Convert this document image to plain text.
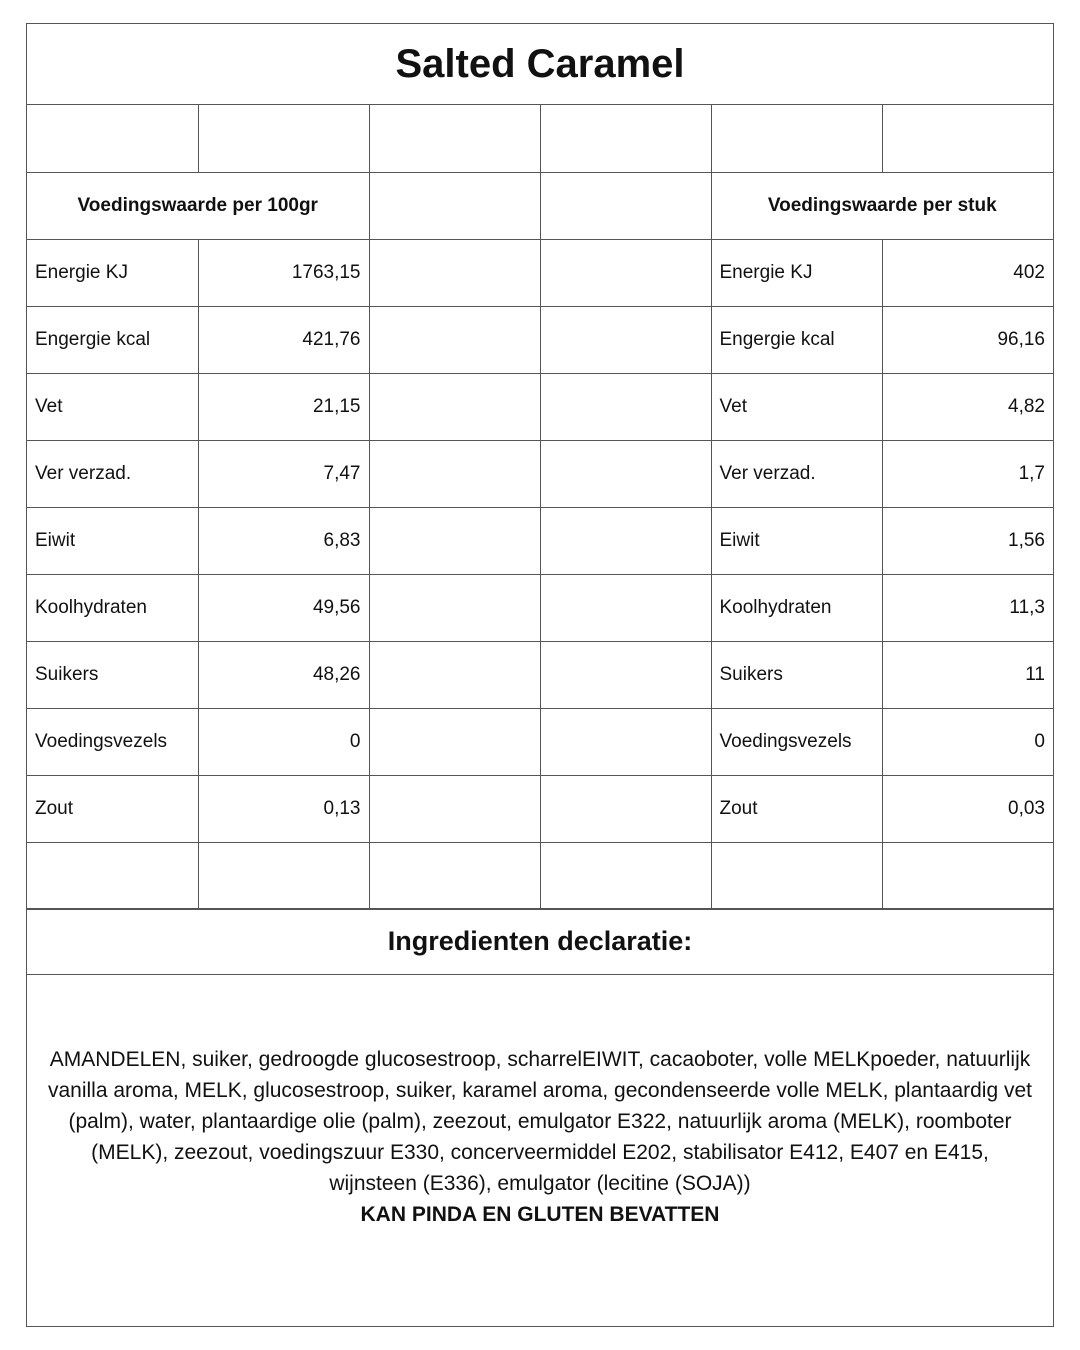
Salted Caramel

Voedingswaarde per 100gr				Voedingswaarde per stuk	
Energie KJ	1763,15			Energie KJ	402
Engergie kcal	421,76			Engergie kcal	96,16
Vet	21,15			Vet	4,82
Ver verzad.	7,47			Ver verzad.	1,7
Eiwit	6,83			Eiwit	1,56
Koolhydraten	49,56			Koolhydraten	11,3
Suikers	48,26			Suikers	11
Voedingsvezels	0			Voedingsvezels	0
Zout	0,13			Zout	0,03

Ingredienten declaratie:
AMANDELEN, suiker, gedroogde glucosestroop, scharrelEIWIT, cacaoboter, volle MELKpoeder, natuurlijk vanilla aroma, MELK, glucosestroop, suiker, karamel aroma, gecondenseerde volle MELK, plantaardig vet (palm), water, plantaardige olie (palm), zeezout, emulgator E322, natuurlijk aroma (MELK), roomboter (MELK), zeezout, voedingszuur E330, concerveermiddel E202, stabilisator E412, E407 en E415, wijnsteen (E336), emulgator (lecitine (SOJA))
KAN PINDA EN GLUTEN BEVATTEN
